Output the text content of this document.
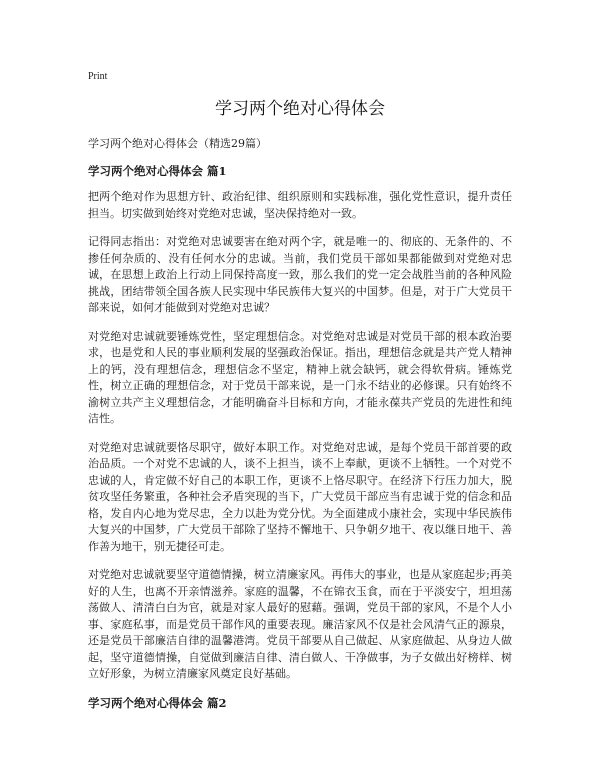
Print
学习两个绝对心得体会

学习两个绝对心得体会（精选29篇）

学习两个绝对心得体会 篇1

把两个绝对作为思想方针、政治纪律、组织原则和实践标准，强化党性意识，提升责任担当。切实做到始终对党绝对忠诚，坚决保持绝对一致。

记得同志指出：对党绝对忠诚要害在绝对两个字，就是唯一的、彻底的、无条件的、不掺任何杂质的、没有任何水分的忠诚。当前，我们党员干部如果都能做到对党绝对忠诚，在思想上政治上行动上同保持高度一致，那么我们的党一定会战胜当前的各种风险挑战，团结带领全国各族人民实现中华民族伟大复兴的中国梦。但是，对于广大党员干部来说，如何才能做到对党绝对忠诚？

对党绝对忠诚就要锤炼党性，坚定理想信念。对党绝对忠诚是对党员干部的根本政治要求，也是党和人民的事业顺利发展的坚强政治保证。指出，理想信念就是共产党人精神上的钙，没有理想信念，理想信念不坚定，精神上就会缺钙，就会得软骨病。锤炼党性，树立正确的理想信念，对于党员干部来说，是一门永不结业的必修课。只有始终不渝树立共产主义理想信念，才能明确奋斗目标和方向，才能永葆共产党员的先进性和纯洁性。

对党绝对忠诚就要恪尽职守，做好本职工作。对党绝对忠诚，是每个党员干部首要的政治品质。一个对党不忠诚的人，谈不上担当，谈不上奉献，更谈不上牺牲。一个对党不忠诚的人，肯定做不好自己的本职工作，更谈不上恪尽职守。在经济下行压力加大，脱贫攻坚任务繁重，各种社会矛盾突现的当下，广大党员干部应当有忠诚于党的信念和品格，发自内心地为党尽忠，全力以赴为党分忧。为全面建成小康社会，实现中华民族伟大复兴的中国梦，广大党员干部除了坚持不懈地干、只争朝夕地干、夜以继日地干、善作善为地干，别无捷径可走。

对党绝对忠诚就要坚守道德情操，树立清廉家风。再伟大的事业，也是从家庭起步;再美好的人生，也离不开亲情滋养。家庭的温馨，不在锦衣玉食，而在于平淡安宁，坦坦荡荡做人、清清白白为官，就是对家人最好的慰藉。强调，党员干部的家风，不是个人小事、家庭私事，而是党员干部作风的重要表现。廉洁家风不仅是社会风清气正的源泉，还是党员干部廉洁自律的温馨港湾。党员干部要从自己做起、从家庭做起、从身边人做起，坚守道德情操，自觉做到廉洁自律、清白做人、干净做事，为子女做出好榜样、树立好形象，为树立清廉家风奠定良好基础。

学习两个绝对心得体会 篇2
